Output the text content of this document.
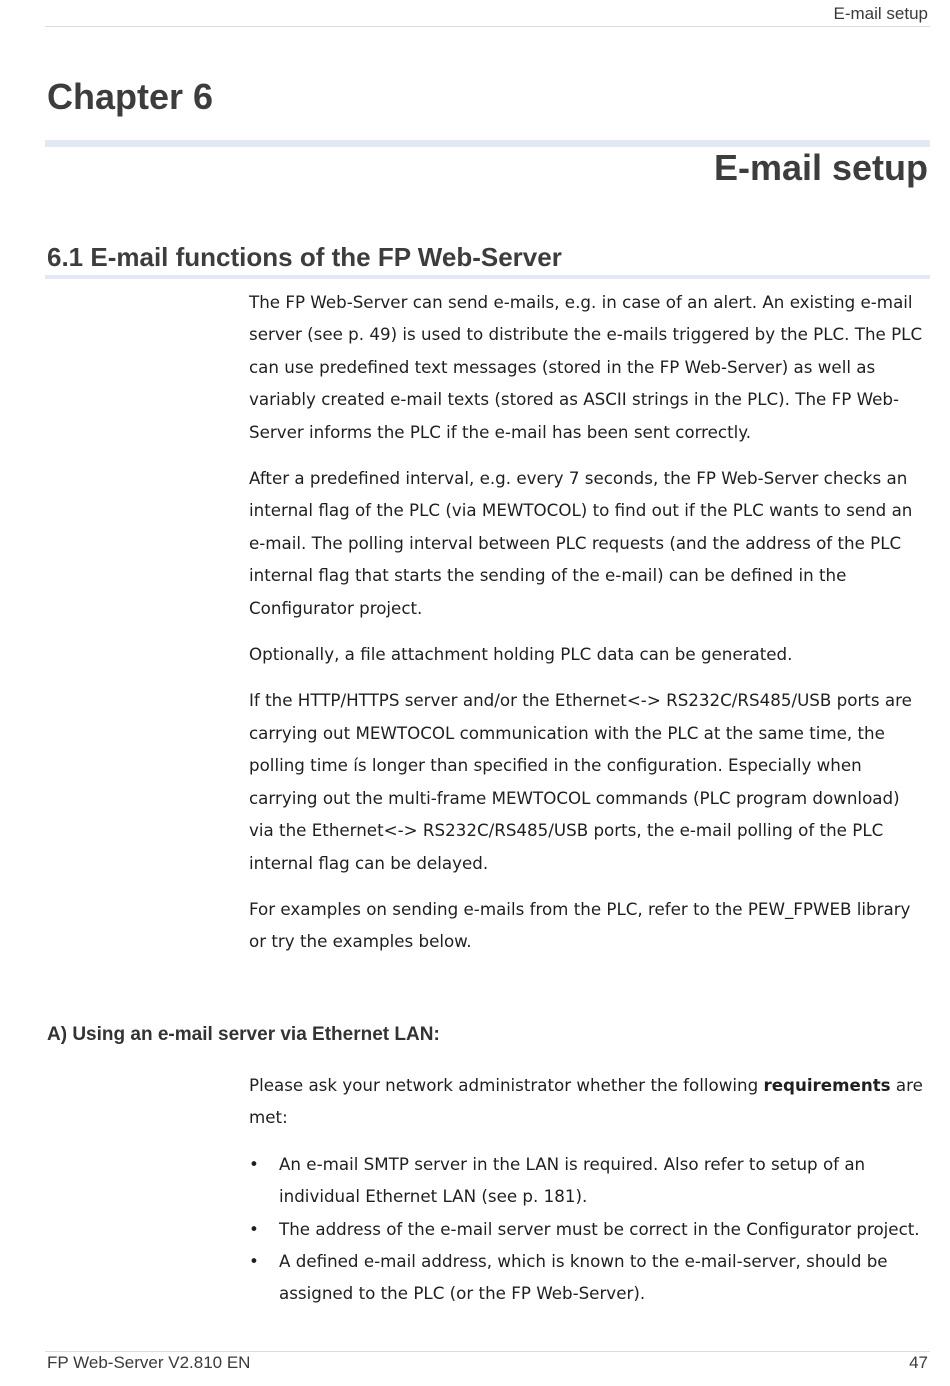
E-mail setup
Chapter 6
E-mail setup
6.1 E-mail functions of the FP Web-Server

The FP Web-Server can send e-mails, e.g. in case of an alert. An existing e-mail server (see p. 49) is used to distribute the e-mails triggered by the PLC. The PLC can use predefined text messages (stored in the FP Web-Server) as well as variably created e-mail texts (stored as ASCII strings in the PLC). The FP Web-Server informs the PLC if the e-mail has been sent correctly.

After a predefined interval, e.g. every 7 seconds, the FP Web-Server checks an internal flag of the PLC (via MEWTOCOL) to find out if the PLC wants to send an e-mail. The polling interval between PLC requests (and the address of the PLC internal flag that starts the sending of the e-mail) can be defined in the Configurator project.

Optionally, a file attachment holding PLC data can be generated.

If the HTTP/HTTPS server and/or the Ethernet<-> RS232C/RS485/USB ports are carrying out MEWTOCOL communication with the PLC at the same time, the polling time ís longer than specified in the configuration. Especially when carrying out the multi-frame MEWTOCOL commands (PLC program download) via the Ethernet<-> RS232C/RS485/USB ports, the e-mail polling of the PLC internal flag can be delayed.

For examples on sending e-mails from the PLC, refer to the PEW_FPWEB library or try the examples below.

A) Using an e-mail server via Ethernet LAN:

Please ask your network administrator whether the following requirements are met:

• An e-mail SMTP server in the LAN is required. Also refer to setup of an individual Ethernet LAN (see p. 181).
• The address of the e-mail server must be correct in the Configurator project.
• A defined e-mail address, which is known to the e-mail-server, should be assigned to the PLC (or the FP Web-Server).
FP Web-Server V2.810 EN	47
